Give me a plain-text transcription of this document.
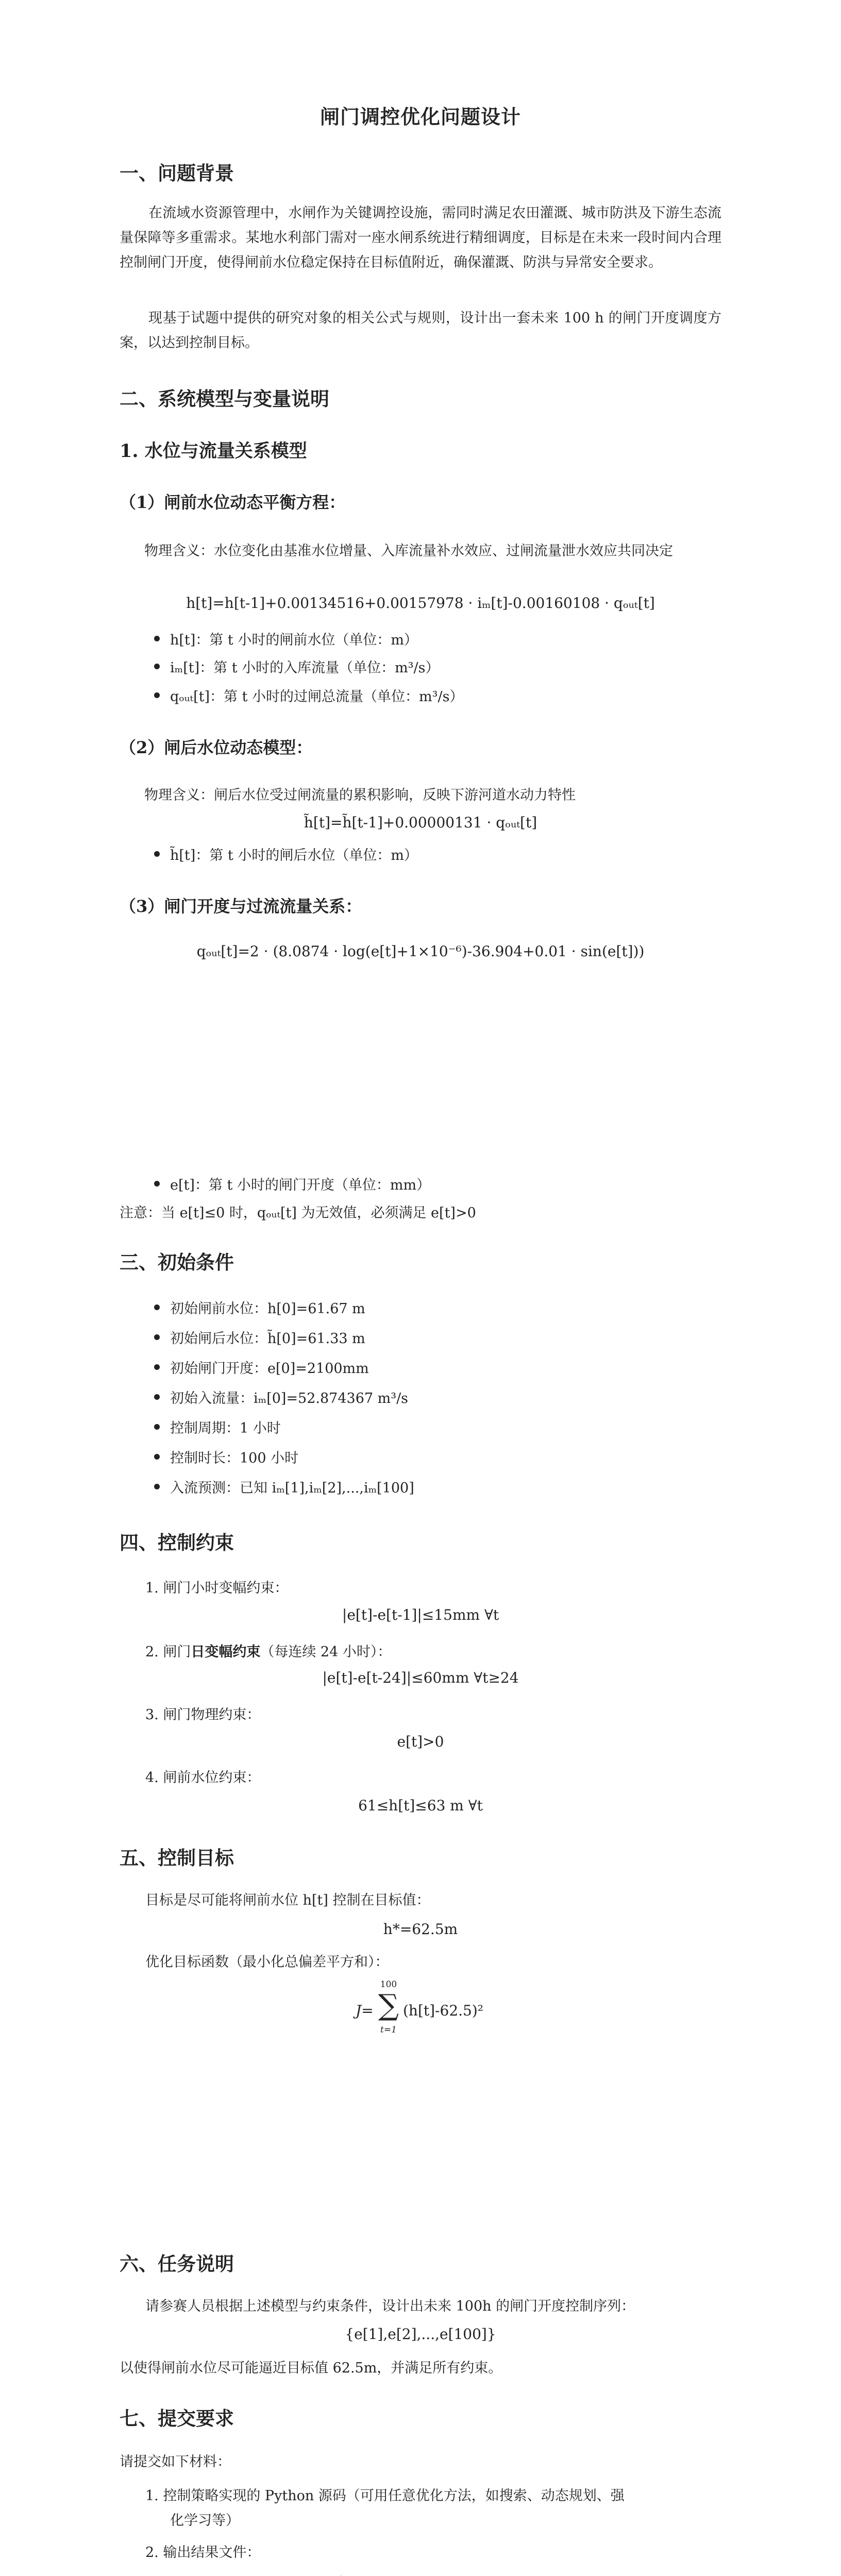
闸门调控优化问题设计
一、问题背景
在流域水资源管理中，水闸作为关键调控设施，需同时满足农田灌溉、城市防洪及下游生态流量保障等多重需求。某地水利部门需对一座水闸系统进行精细调度，目标是在未来一段时间内合理控制闸门开度，使得闸前水位稳定保持在目标值附近，确保灌溉、防洪与异常安全要求。
现基于试题中提供的研究对象的相关公式与规则，设计出一套未来 100 h 的闸门开度调度方案，以达到控制目标。
二、系统模型与变量说明
1. 水位与流量关系模型
（1）闸前水位动态平衡方程：
物理含义：水位变化由基准水位增量、入库流量补水效应、过闸流量泄水效应共同决定
h[t]=h[t-1]+0.00134516+0.00157978 · iₘ[t]-0.00160108 · qₒᵤₜ[t]
h[t]：第 t 小时的闸前水位（单位：m）
iₘ[t]：第 t 小时的入库流量（单位：m³/s）
qₒᵤₜ[t]：第 t 小时的过闸总流量（单位：m³/s）
（2）闸后水位动态模型：
物理含义：闸后水位受过闸流量的累积影响，反映下游河道水动力特性
h̃[t]=h̃[t-1]+0.00000131 · qₒᵤₜ[t]
h̃[t]：第 t 小时的闸后水位（单位：m）
（3）闸门开度与过流流量关系：
qₒᵤₜ[t]=2 · (8.0874 · log(e[t]+1×10⁻⁶)-36.904+0.01 · sin(e[t]))
e[t]：第 t 小时的闸门开度（单位：mm）
注意：当 e[t]≤0 时，qₒᵤₜ[t] 为无效值，必须满足 e[t]>0
三、初始条件
初始闸前水位：h[0]=61.67 m
初始闸后水位：h̃[0]=61.33 m
初始闸门开度：e[0]=2100mm
初始入流量：iₘ[0]=52.874367 m³/s
控制周期：1 小时
控制时长：100 小时
入流预测：已知 iₘ[1],iₘ[2],...,iₘ[100]
四、控制约束
1. 闸门小时变幅约束：
|e[t]-e[t-1]|≤15mm ∀t
2. 闸门日变幅约束（每连续 24 小时）：
|e[t]-e[t-24]|≤60mm ∀t≥24
3. 闸门物理约束：
e[t]>0
4. 闸前水位约束：
61≤h[t]≤63 m ∀t
五、控制目标
目标是尽可能将闸前水位 h[t] 控制在目标值：
h*=62.5m
优化目标函数（最小化总偏差平方和）：
J=
100
∑
t=1
(h[t]-62.5)²
六、任务说明
请参赛人员根据上述模型与约束条件，设计出未来 100h 的闸门开度控制序列：
{e[1],e[2],...,e[100]}
以使得闸前水位尽可能逼近目标值 62.5m，并满足所有约束。
七、提交要求
请提交如下材料：
1. 控制策略实现的 Python 源码（可用任意优化方法，如搜索、动态规划、强
化学习等）
2. 输出结果文件：
